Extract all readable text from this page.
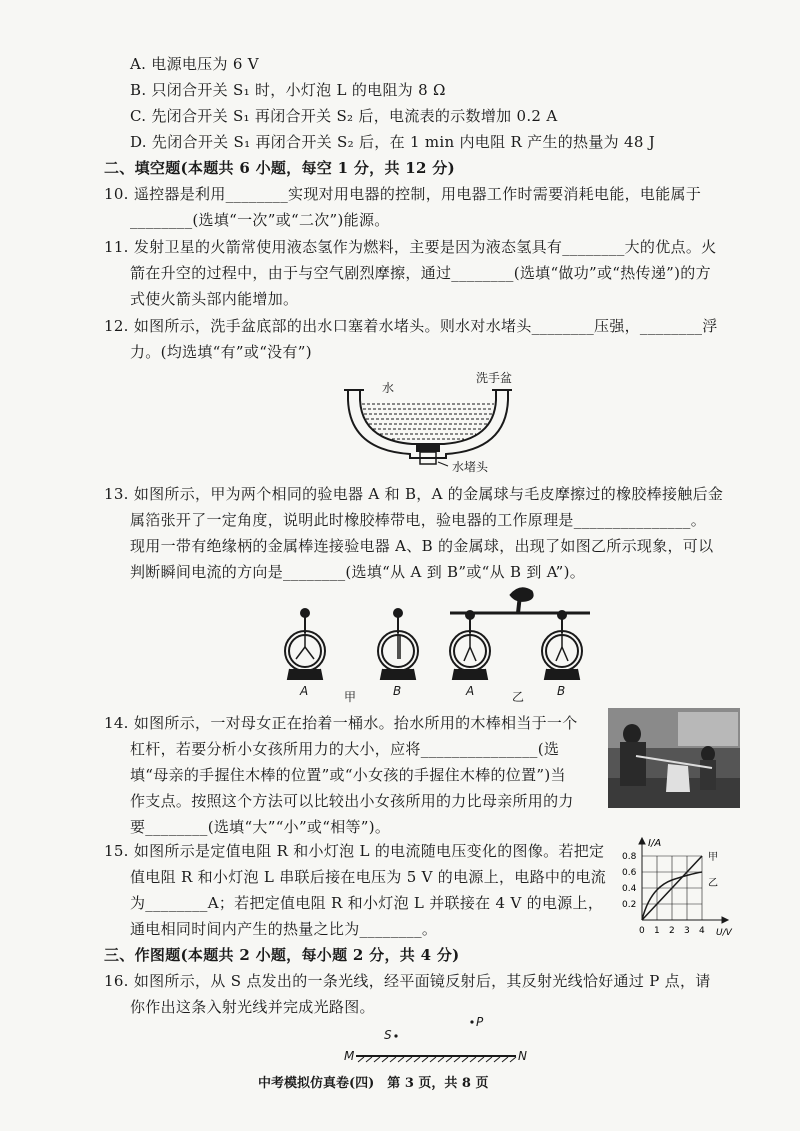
A. 电源电压为 6 V
B. 只闭合开关 S₁ 时，小灯泡 L 的电阻为 8 Ω
C. 先闭合开关 S₁ 再闭合开关 S₂ 后，电流表的示数增加 0.2 A
D. 先闭合开关 S₁ 再闭合开关 S₂ 后，在 1 min 内电阻 R 产生的热量为 48 J
二、填空题(本题共 6 小题，每空 1 分，共 12 分)
10. 遥控器是利用________实现对用电器的控制，用电器工作时需要消耗电能，电能属于
________(选填“一次”或“二次”)能源。
11. 发射卫星的火箭常使用液态氢作为燃料，主要是因为液态氢具有________大的优点。火
箭在升空的过程中，由于与空气剧烈摩擦，通过________(选填“做功”或“热传递”)的方
式使火箭头部内能增加。
12. 如图所示，洗手盆底部的出水口塞着水堵头。则水对水堵头________压强，________浮
力。(均选填“有”或“没有”)
水
洗手盆
水堵头
13. 如图所示，甲为两个相同的验电器 A 和 B，A 的金属球与毛皮摩擦过的橡胶棒接触后金
属箔张开了一定角度，说明此时橡胶棒带电，验电器的工作原理是_______________。
现用一带有绝缘柄的金属棒连接验电器 A、B 的金属球，出现了如图乙所示现象，可以
判断瞬间电流的方向是________(选填“从 A 到 B”或“从 B 到 A”)。
A	甲	B	A	乙	B
14. 如图所示，一对母女正在抬着一桶水。抬水所用的木棒相当于一个
杠杆，若要分析小女孩所用力的大小，应将_______________(选
填“母亲的手握住木棒的位置”或“小女孩的手握住木棒的位置”)当
作支点。按照这个方法可以比较出小女孩所用的力比母亲所用的力
要________(选填“大”“小”或“相等”)。
15. 如图所示是定值电阻 R 和小灯泡 L 的电流随电压变化的图像。若把定
值电阻 R 和小灯泡 L 串联后接在电压为 5 V 的电源上，电路中的电流
为________A；若把定值电阻 R 和小灯泡 L 并联接在 4 V 的电源上，
通电相同时间内产生的热量之比为________。
I/A
0.8
0.6
0.4
0.2
0 1 2 3 4 U/V
甲
乙
三、作图题(本题共 2 小题，每小题 2 分，共 4 分)
16. 如图所示，从 S 点发出的一条光线，经平面镜反射后，其反射光线恰好通过 P 点，请
你作出这条入射光线并完成光路图。
S
P
M	N
中考模拟仿真卷(四)　第 3 页，共 8 页
